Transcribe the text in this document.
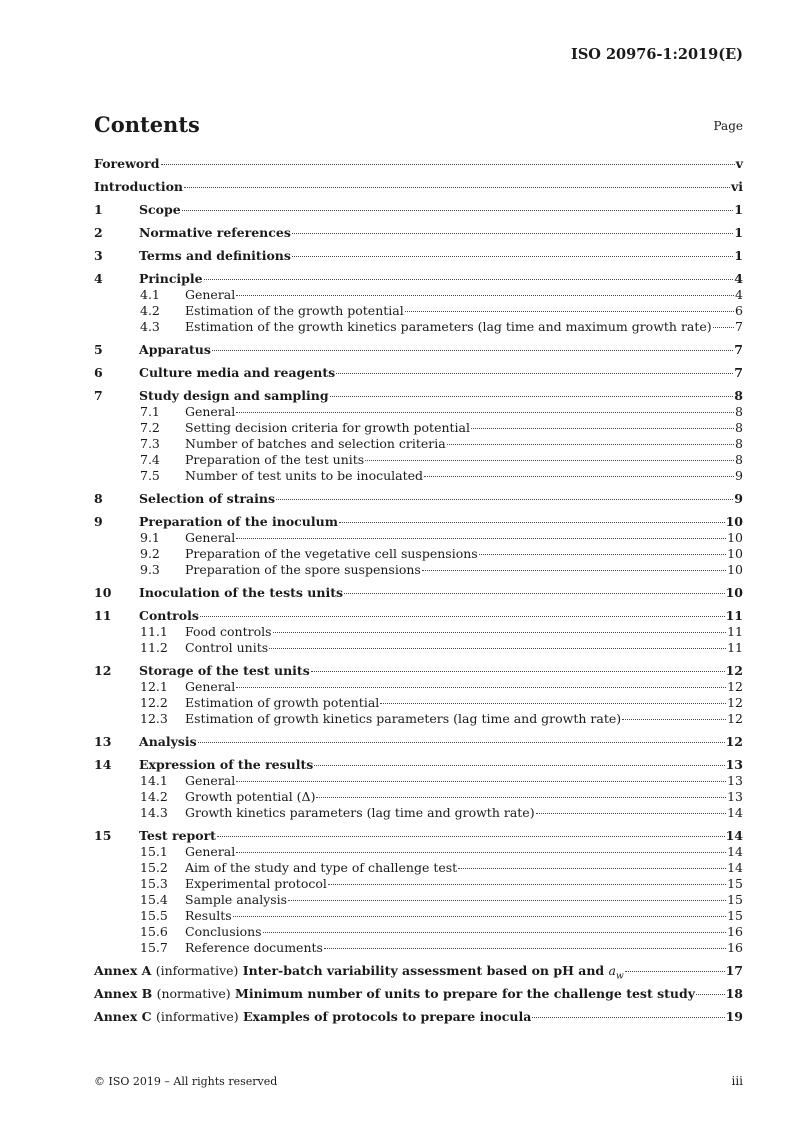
ISO 20976-1:2019(E)
Contents	Page
Foreword	v
Introduction	vi
1	Scope	1
2	Normative references	1
3	Terms and definitions	1
4	Principle	4
4.1	General	4
4.2	Estimation of the growth potential	6
4.3	Estimation of the growth kinetics parameters (lag time and maximum growth rate) 7
5	Apparatus	7
6	Culture media and reagents	7
7	Study design and sampling	8
7.1	General	8
7.2	Setting decision criteria for growth potential	8
7.3	Number of batches and selection criteria	8
7.4	Preparation of the test units	8
7.5	Number of test units to be inoculated	9
8	Selection of strains	9
9	Preparation of the inoculum	10
9.1	General	10
9.2	Preparation of the vegetative cell suspensions	10
9.3	Preparation of the spore suspensions	10
10	Inoculation of the tests units	10
11	Controls	11
11.1	Food controls	11
11.2	Control units	11
12	Storage of the test units	12
12.1	General	12
12.2	Estimation of growth potential	12
12.3	Estimation of growth kinetics parameters (lag time and growth rate)	12
13	Analysis	12
14	Expression of the results	13
14.1	General	13
14.2	Growth potential (Δ)	13
14.3	Growth kinetics parameters (lag time and growth rate)	14
15	Test report	14
15.1	General	14
15.2	Aim of the study and type of challenge test	14
15.3	Experimental protocol	15
15.4	Sample analysis	15
15.5	Results	15
15.6	Conclusions	16
15.7	Reference documents	16
Annex A (informative) Inter-batch variability assessment based on pH and $a_w$	17
Annex B (normative) Minimum number of units to prepare for the challenge test study 18
Annex C (informative) Examples of protocols to prepare inocula	19
© ISO 2019 – All rights reserved	iii
